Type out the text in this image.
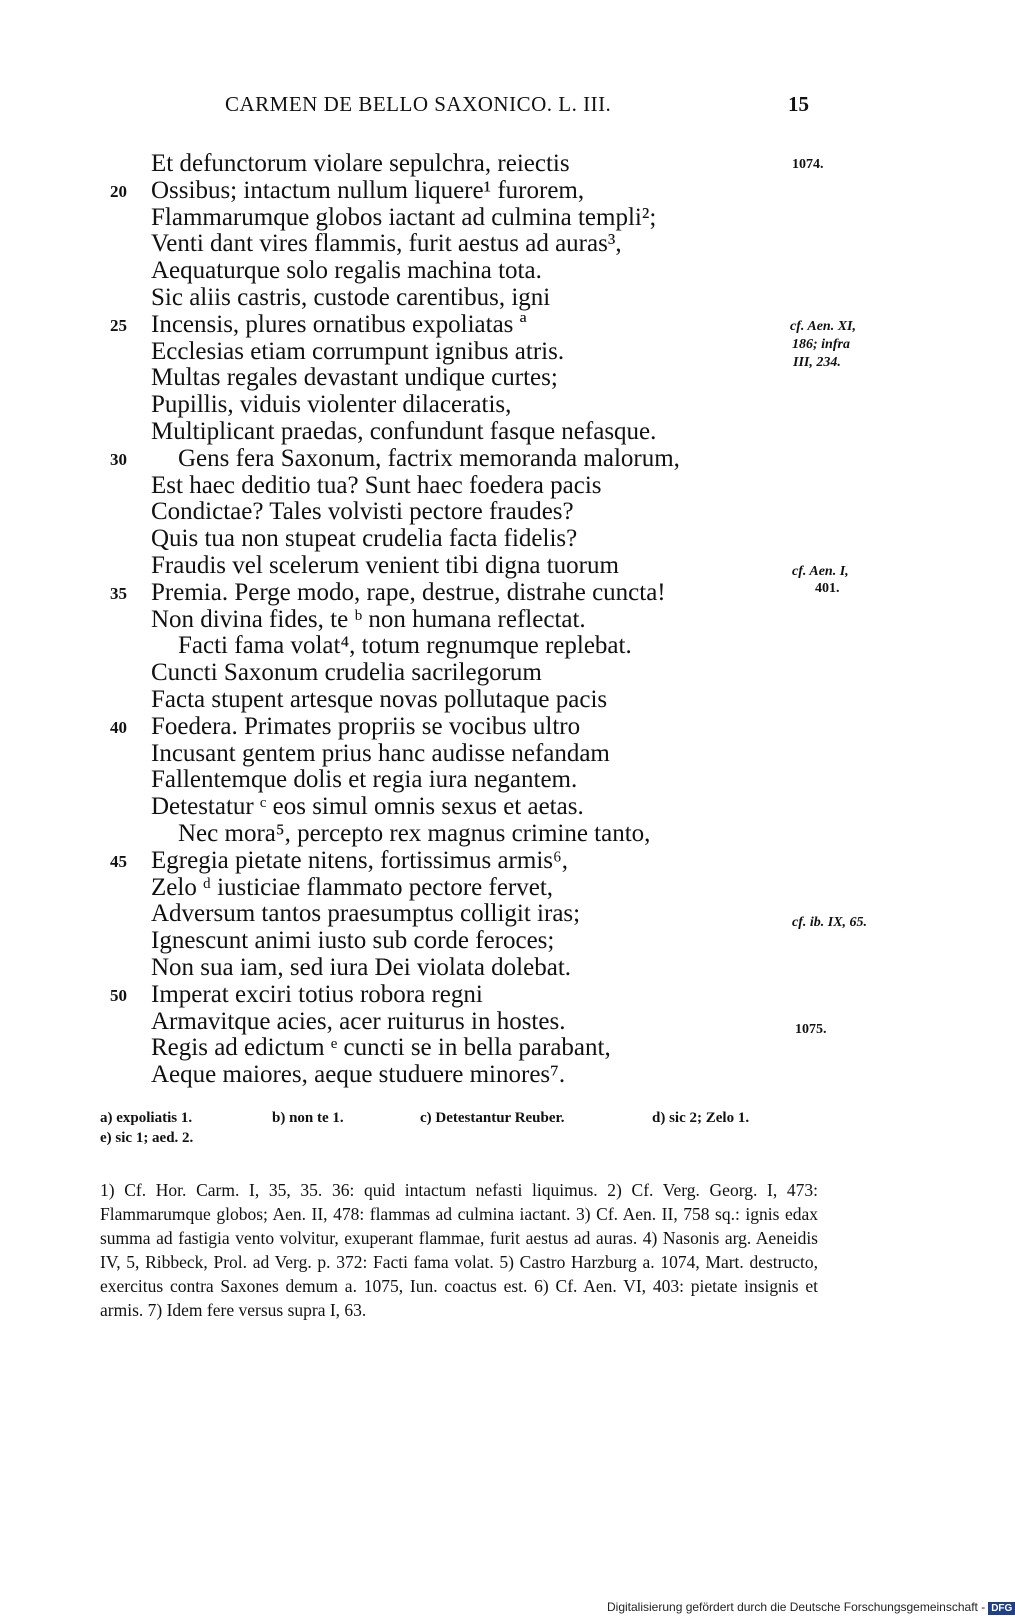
CARMEN DE BELLO SAXONICO. L. III.	15
Et defunctorum violare sepulchra, reiectis
20 Ossibus; intactum nullum liquere¹ furorem,
Flammarumque globos iactant ad culmina templi²;
Venti dant vires flammis, furit aestus ad auras³,
Aequaturque solo regalis machina tota.
Sic aliis castris, custode carentibus, igni
25 Incensis, plures ornatibus expoliatas ª
Ecclesias etiam corrumpunt ignibus atris.
Multas regales devastant undique curtes;
Pupillis, viduis violenter dilaceratis,
Multiplicant praedas, confundunt fasque nefasque.
30 Gens fera Saxonum, factrix memoranda malorum,
Est haec deditio tua? Sunt haec foedera pacis
Condictae? Tales volvisti pectore fraudes?
Quis tua non stupeat crudelia facta fidelis?
Fraudis vel scelerum venient tibi digna tuorum
35 Premia. Perge modo, rape, destrue, distrahe cuncta!
Non divina fides, te ᵇ non humana reflectat.
Facti fama volat⁴, totum regnumque replebat.
Cuncti Saxonum crudelia sacrilegorum
Facta stupent artesque novas pollutaque pacis
40 Foedera. Primates propriis se vocibus ultro
Incusant gentem prius hanc audisse nefandam
Fallentemque dolis et regia iura negantem.
Detestatur ᶜ eos simul omnis sexus et aetas.
Nec mora⁵, percepto rex magnus crimine tanto,
45 Egregia pietate nitens, fortissimus armis⁶,
Zelo ᵈ iusticiae flammato pectore fervet,
Adversum tantos praesumptus colligit iras;
Ignescunt animi iusto sub corde feroces;
Non sua iam, sed iura Dei violata dolebat.
50 Imperat exciri totius robora regni
Armavitque acies, acer ruiturus in hostes.
Regis ad edictum ᵉ cuncti se in bella parabant,
Aeque maiores, aeque studuere minores⁷.
1074.
cf. Aen. XI,
186; infra
III, 234.
cf. Aen. I,
401.
cf. ib. IX, 65.
1075.
a) expoliatis 1.	b) non te 1.	c) Detestantur Reuber.	d) sic 2; Zelo 1.
e) sic 1; aed. 2.

1) Cf. Hor. Carm. I, 35, 35. 36: quid intactum nefasti liquimus. 2) Cf. Verg. Georg. I, 473: Flammarumque globos; Aen. II, 478: flammas ad culmina iactant. 3) Cf. Aen. II, 758 sq.: ignis edax summa ad fastigia vento volvitur, exuperant flammae, furit aestus ad auras. 4) Nasonis arg. Aeneidis IV, 5, Ribbeck, Prol. ad Verg. p. 372: Facti fama volat. 5) Castro Harzburg a. 1074, Mart. destructo, exercitus contra Saxones demum a. 1075, Iun. coactus est. 6) Cf. Aen. VI, 403: pietate insignis et armis. 7) Idem fere versus supra I, 63.

Digitalisierung gefördert durch die Deutsche Forschungsgemeinschaft - DFG
